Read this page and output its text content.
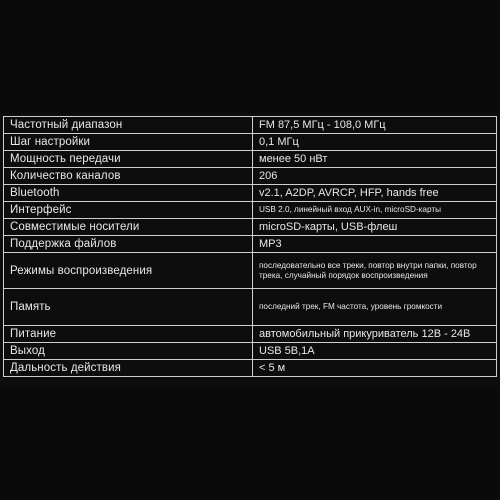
Частотный диапазон	FM 87,5 МГц - 108,0 МГц
Шаг настройки	0,1 МГц
Мощность передачи	менее 50 нВт
Количество каналов	206
Bluetooth	v2.1, A2DP, AVRCP, HFP, hands free
Интерфейс	USB 2.0, линейный вход AUX-in, microSD-карты
Совместимые носители	microSD-карты, USB-флеш
Поддержка файлов	MP3
Режимы воспроизведения	последовательно все треки, повтор внутри папки, повтор трека, случайный порядок воспроизведения
Память	последний трек, FM частота, уровень громкости
Питание	автомобильный прикуриватель 12В - 24В
Выход	USB 5В,1А
Дальность действия	< 5 м
